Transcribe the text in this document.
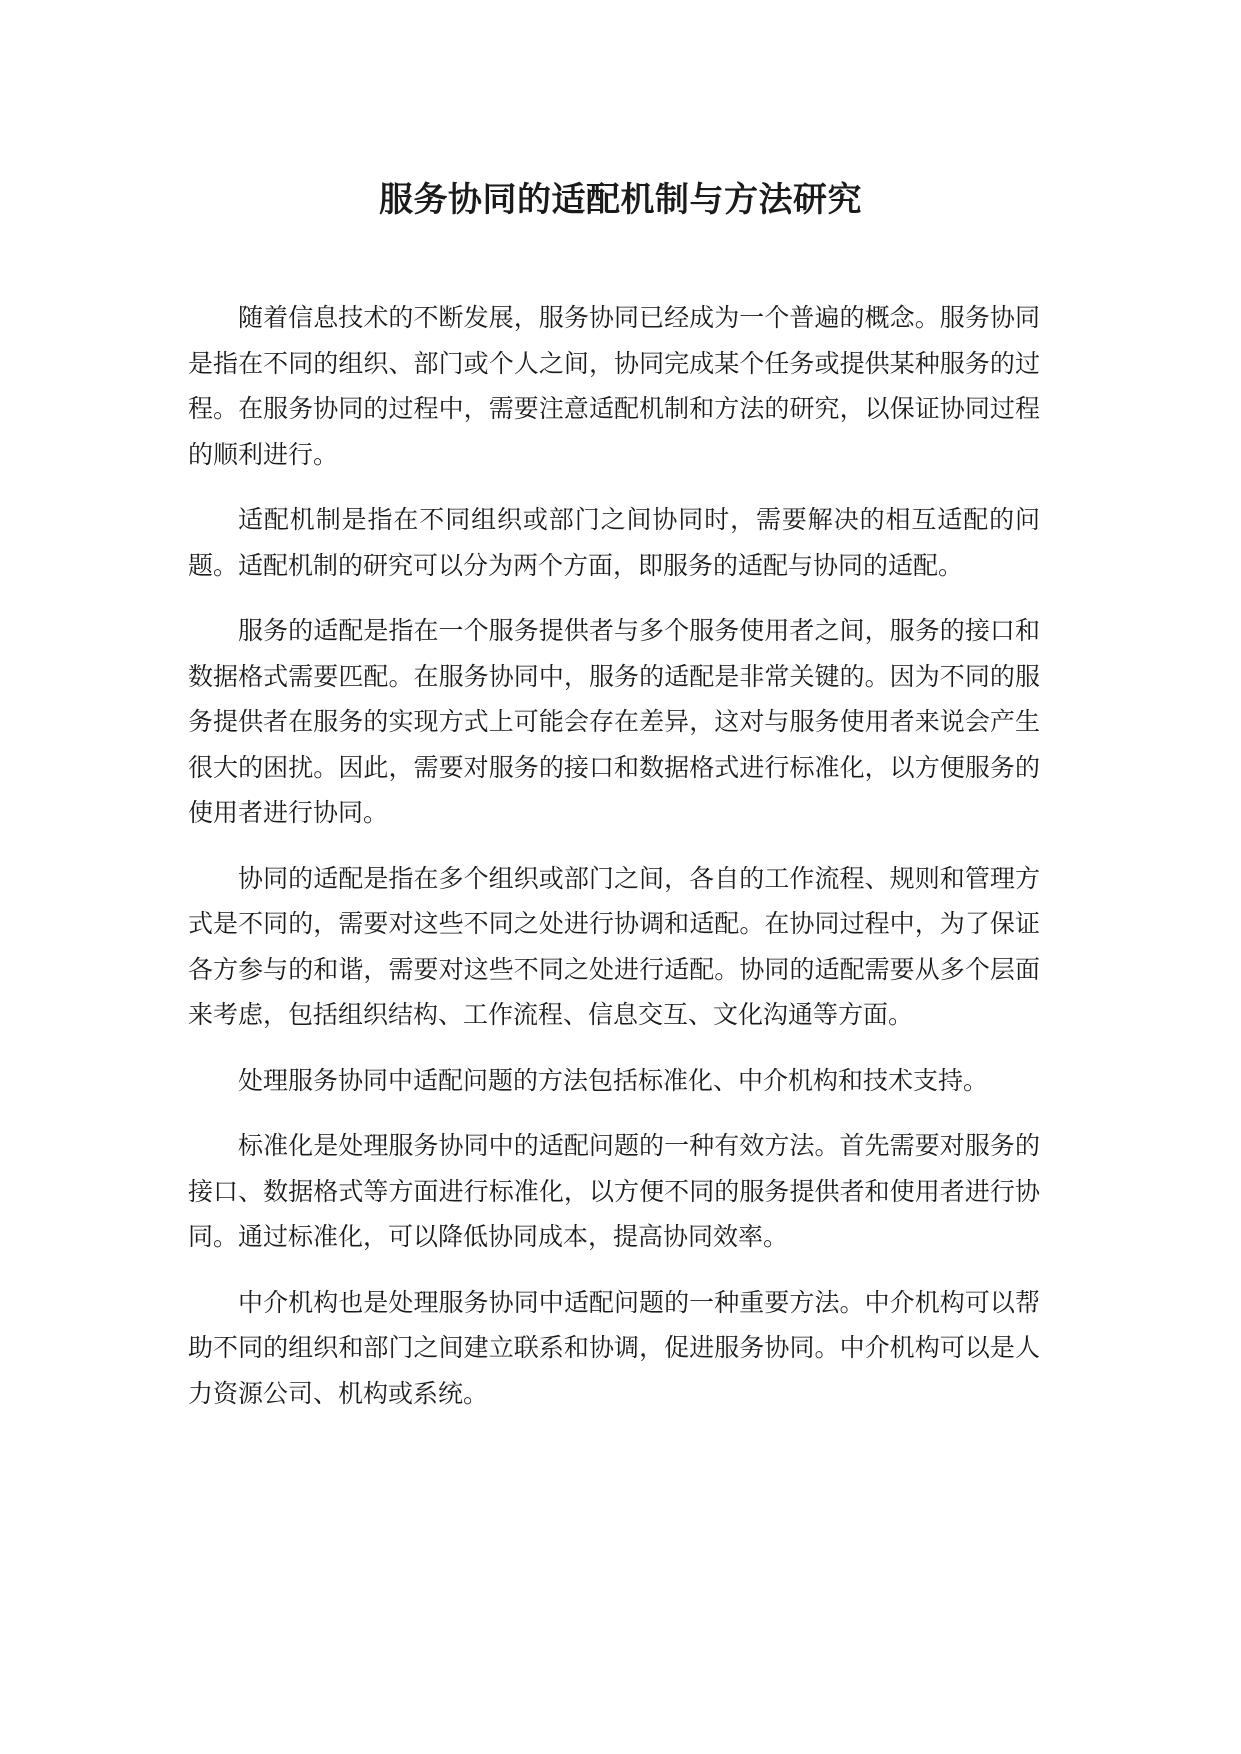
服务协同的适配机制与方法研究

随着信息技术的不断发展，服务协同已经成为一个普遍的概念。服务协同是指在不同的组织、部门或个人之间，协同完成某个任务或提供某种服务的过程。在服务协同的过程中，需要注意适配机制和方法的研究，以保证协同过程的顺利进行。

适配机制是指在不同组织或部门之间协同时，需要解决的相互适配的问题。适配机制的研究可以分为两个方面，即服务的适配与协同的适配。

服务的适配是指在一个服务提供者与多个服务使用者之间，服务的接口和数据格式需要匹配。在服务协同中，服务的适配是非常关键的。因为不同的服务提供者在服务的实现方式上可能会存在差异，这对与服务使用者来说会产生很大的困扰。因此，需要对服务的接口和数据格式进行标准化，以方便服务的使用者进行协同。

协同的适配是指在多个组织或部门之间，各自的工作流程、规则和管理方式是不同的，需要对这些不同之处进行协调和适配。在协同过程中，为了保证各方参与的和谐，需要对这些不同之处进行适配。协同的适配需要从多个层面来考虑，包括组织结构、工作流程、信息交互、文化沟通等方面。

处理服务协同中适配问题的方法包括标准化、中介机构和技术支持。

标准化是处理服务协同中的适配问题的一种有效方法。首先需要对服务的接口、数据格式等方面进行标准化，以方便不同的服务提供者和使用者进行协同。通过标准化，可以降低协同成本，提高协同效率。

中介机构也是处理服务协同中适配问题的一种重要方法。中介机构可以帮助不同的组织和部门之间建立联系和协调，促进服务协同。中介机构可以是人力资源公司、机构或系统。
